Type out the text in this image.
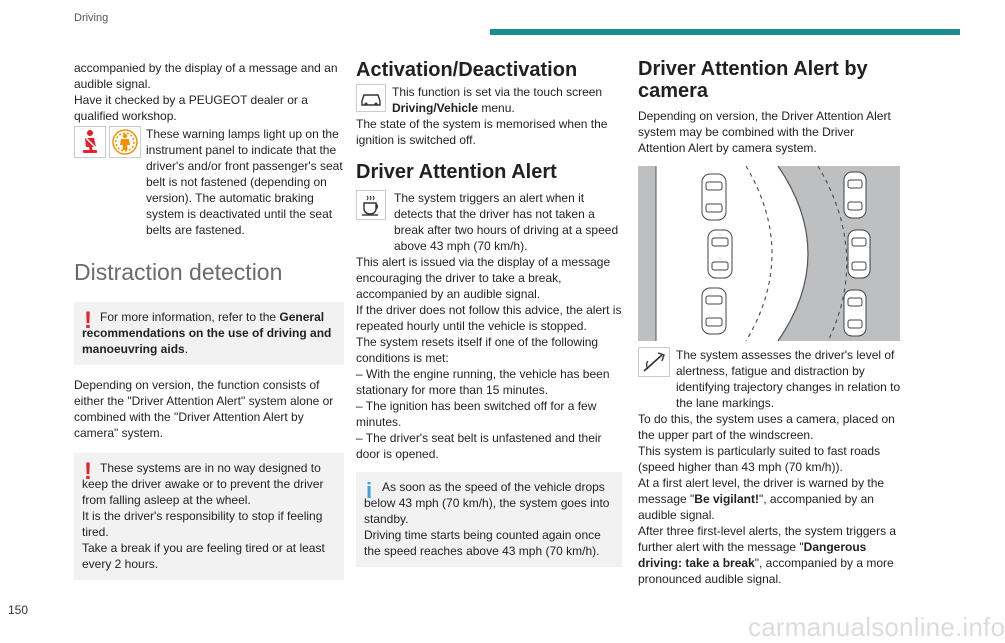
Driving

accompanied by the display of a message and an audible signal.

Have it checked by a PEUGEOT dealer or a qualified workshop.

These warning lamps light up on the instrument panel to indicate that the driver's and/or front passenger's seat belt is not fastened (depending on version). The automatic braking system is deactivated until the seat belts are fastened.

Distraction detection
! For more information, refer to the General recommendations on the use of driving and manoeuvring aids.

Depending on version, the function consists of either the "Driver Attention Alert" system alone or combined with the "Driver Attention Alert by camera" system.

! These systems are in no way designed to keep the driver awake or to prevent the driver from falling asleep at the wheel.

It is the driver's responsibility to stop if feeling tired.

Take a break if you are feeling tired or at least every 2 hours.

Activation/Deactivation

This function is set via the touch screen Driving/Vehicle menu.

The state of the system is memorised when the ignition is switched off.

Driver Attention Alert

The system triggers an alert when it detects that the driver has not taken a break after two hours of driving at a speed above 43 mph (70 km/h).

This alert is issued via the display of a message encouraging the driver to take a break, accompanied by an audible signal.

If the driver does not follow this advice, the alert is repeated hourly until the vehicle is stopped.

The system resets itself if one of the following conditions is met:

– With the engine running, the vehicle has been stationary for more than 15 minutes.

– The ignition has been switched off for a few minutes.

– The driver's seat belt is unfastened and their door is opened.

i As soon as the speed of the vehicle drops below 43 mph (70 km/h), the system goes into standby.

Driving time starts being counted again once the speed reaches above 43 mph (70 km/h).

Driver Attention Alert by camera

Depending on version, the Driver Attention Alert system may be combined with the Driver Attention Alert by camera system.

The system assesses the driver's level of alertness, fatigue and distraction by identifying trajectory changes in relation to the lane markings.

To do this, the system uses a camera, placed on the upper part of the windscreen.

This system is particularly suited to fast roads (speed higher than 43 mph (70 km/h)).

At a first alert level, the driver is warned by the message "Be vigilant!", accompanied by an audible signal.

After three first-level alerts, the system triggers a further alert with the message "Dangerous driving: take a break", accompanied by a more pronounced audible signal.

150
carmanualsonline.info
